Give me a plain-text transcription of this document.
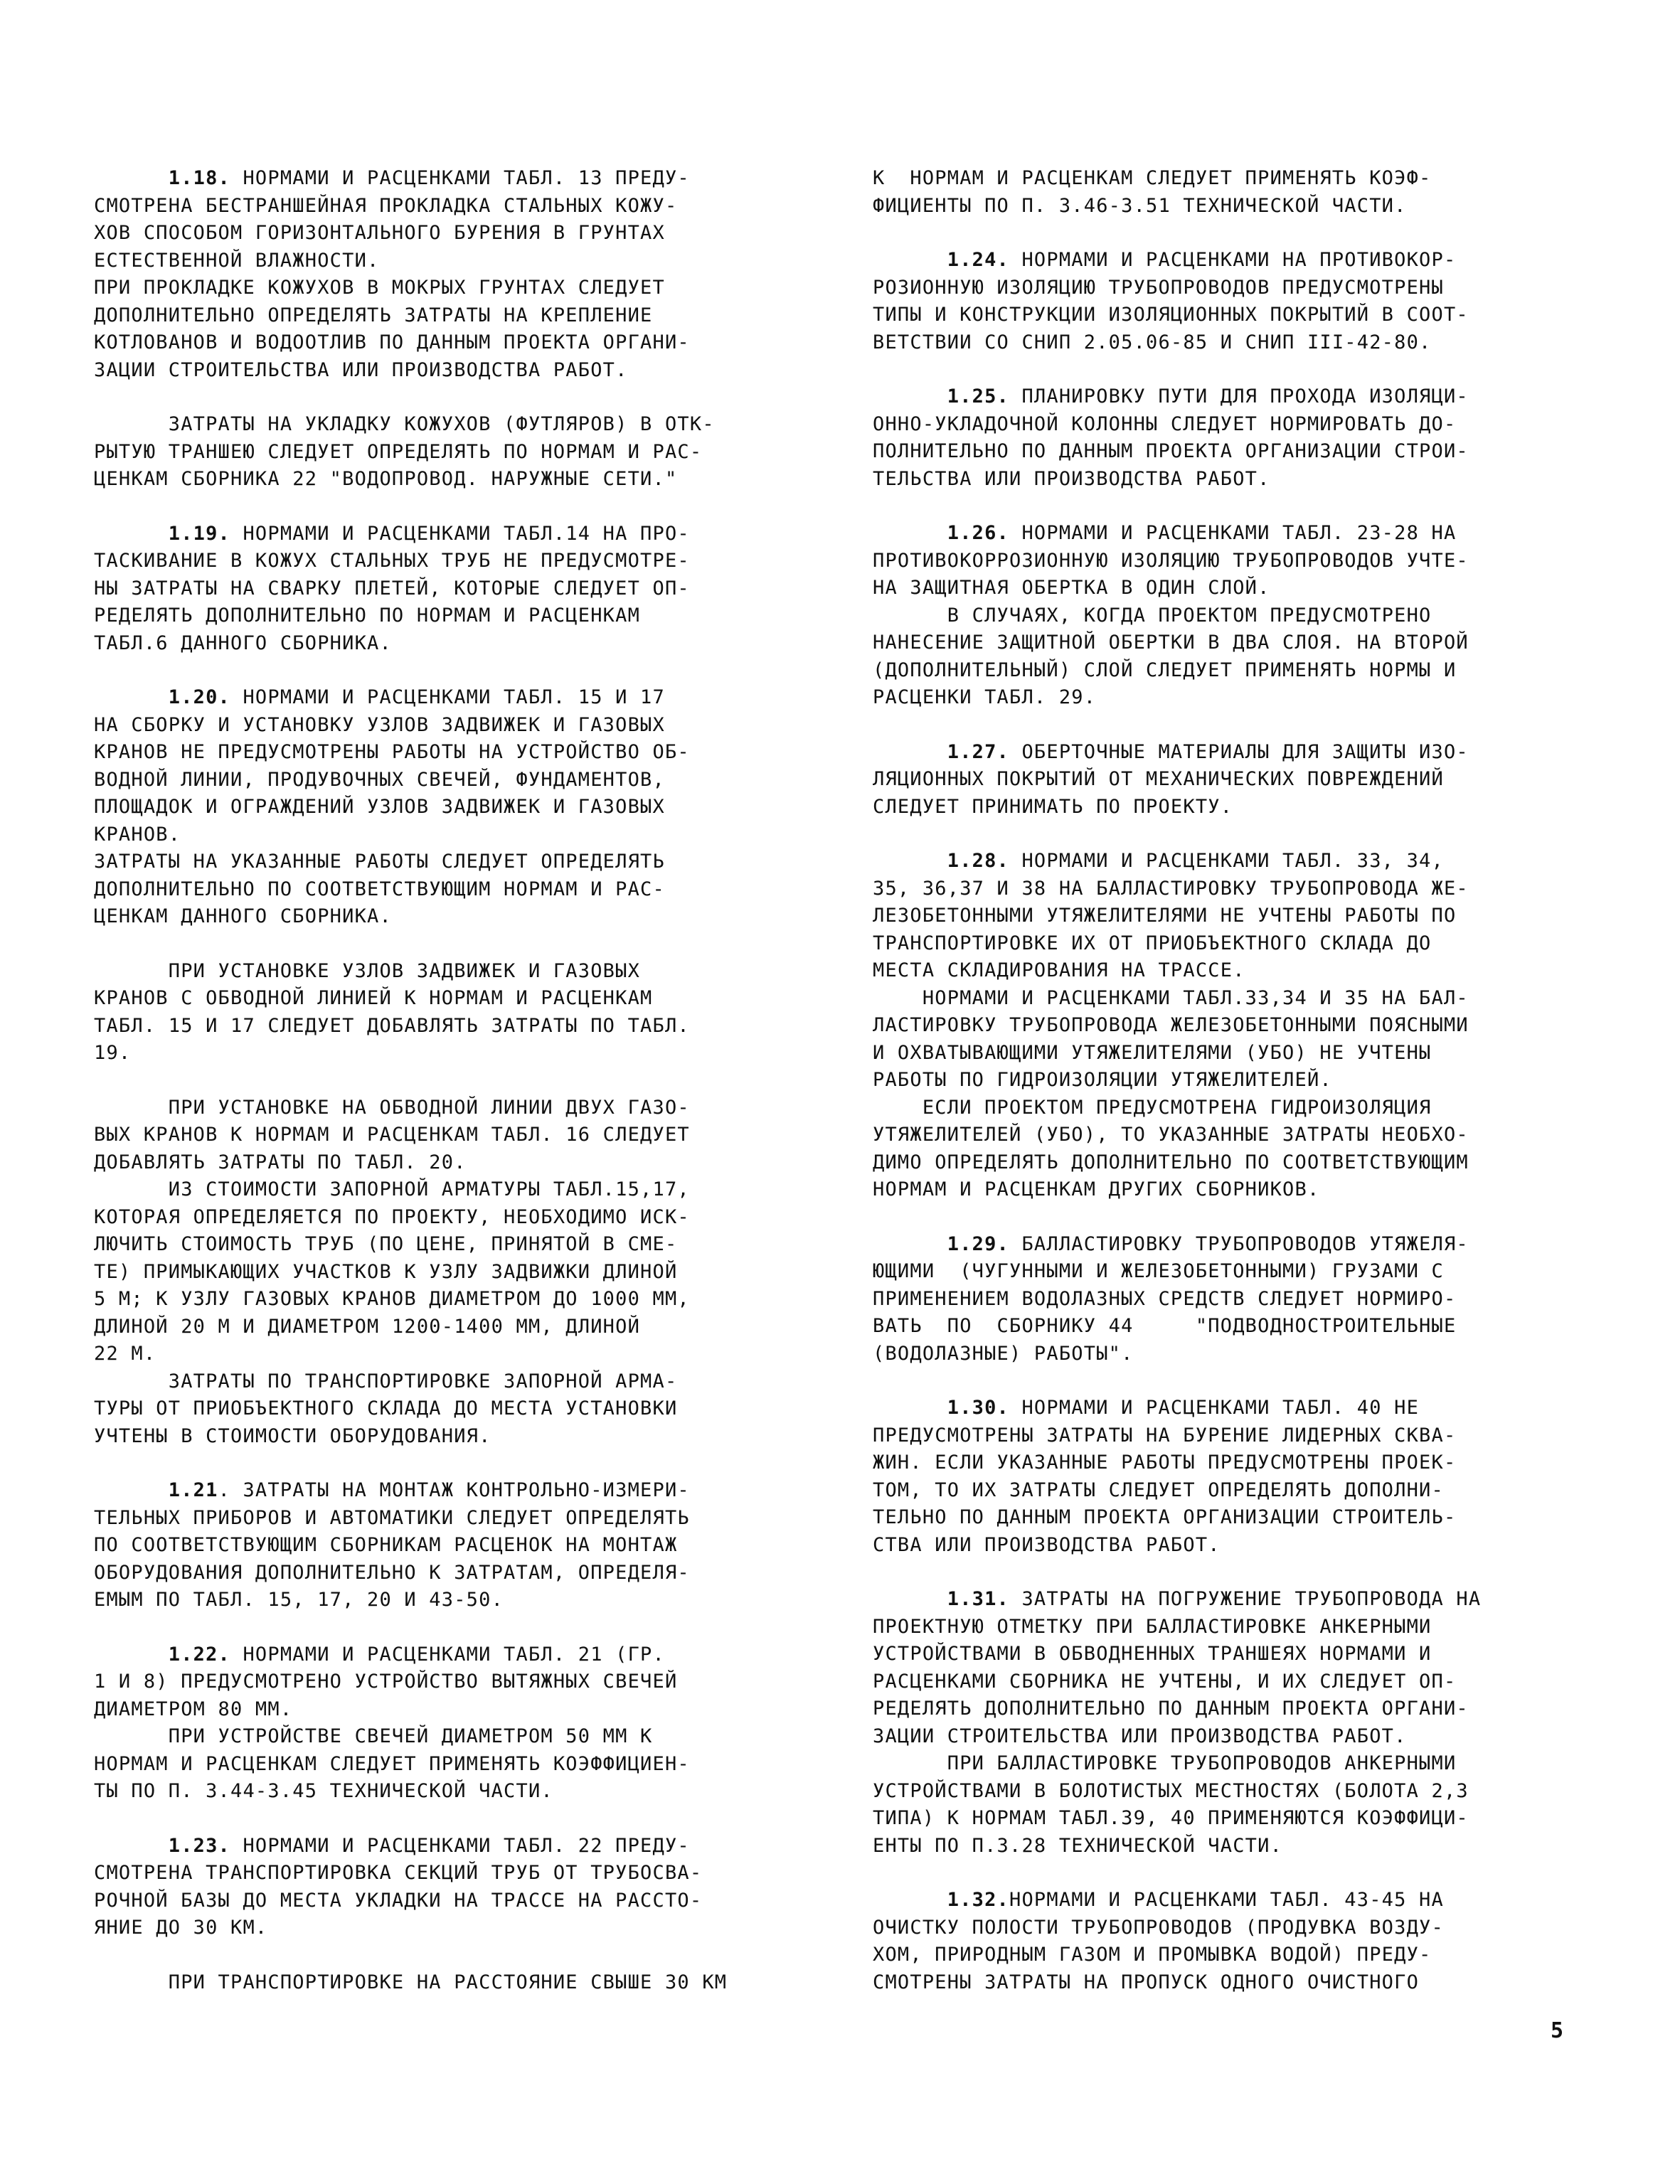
1.18. НОРМАМИ И РАСЦЕНКАМИ ТАБЛ. 13 ПРЕДУ-
СМОТРЕНА БЕСТРАНШЕЙНАЯ ПРОКЛАДКА СТАЛЬНЫХ КОЖУ-
ХОВ СПОСОБОМ ГОРИЗОНТАЛЬНОГО БУРЕНИЯ В ГРУНТАХ
ЕСТЕСТВЕННОЙ ВЛАЖНОСТИ.
ПРИ ПРОКЛАДКЕ КОЖУХОВ В МОКРЫХ ГРУНТАХ СЛЕДУЕТ
ДОПОЛНИТЕЛЬНО ОПРЕДЕЛЯТЬ ЗАТРАТЫ НА КРЕПЛЕНИЕ
КОТЛОВАНОВ И ВОДООТЛИВ ПО ДАННЫМ ПРОЕКТА ОРГАНИ-
ЗАЦИИ СТРОИТЕЛЬСТВА ИЛИ ПРОИЗВОДСТВА РАБОТ.

ЗАТРАТЫ НА УКЛАДКУ КОЖУХОВ (ФУТЛЯРОВ) В ОТК-
РЫТУЮ ТРАНШЕЮ СЛЕДУЕТ ОПРЕДЕЛЯТЬ ПО НОРМАМ И РАС-
ЦЕНКАМ СБОРНИКА 22 "ВОДОПРОВОД. НАРУЖНЫЕ СЕТИ."

1.19. НОРМАМИ И РАСЦЕНКАМИ ТАБЛ.14 НА ПРО-
ТАСКИВАНИЕ В КОЖУХ СТАЛЬНЫХ ТРУБ НЕ ПРЕДУСМОТРЕ-
НЫ ЗАТРАТЫ НА СВАРКУ ПЛЕТЕЙ, КОТОРЫЕ СЛЕДУЕТ ОП-
РЕДЕЛЯТЬ ДОПОЛНИТЕЛЬНО ПО НОРМАМ И РАСЦЕНКАМ
ТАБЛ.6 ДАННОГО СБОРНИКА.

1.20. НОРМАМИ И РАСЦЕНКАМИ ТАБЛ. 15 И 17
НА СБОРКУ И УСТАНОВКУ УЗЛОВ ЗАДВИЖЕК И ГАЗОВЫХ
КРАНОВ НЕ ПРЕДУСМОТРЕНЫ РАБОТЫ НА УСТРОЙСТВО ОБ-
ВОДНОЙ ЛИНИИ, ПРОДУВОЧНЫХ СВЕЧЕЙ, ФУНДАМЕНТОВ,
ПЛОЩАДОК И ОГРАЖДЕНИЙ УЗЛОВ ЗАДВИЖЕК И ГАЗОВЫХ
КРАНОВ.
ЗАТРАТЫ НА УКАЗАННЫЕ РАБОТЫ СЛЕДУЕТ ОПРЕДЕЛЯТЬ
ДОПОЛНИТЕЛЬНО ПО СООТВЕТСТВУЮЩИМ НОРМАМ И РАС-
ЦЕНКАМ ДАННОГО СБОРНИКА.

ПРИ УСТАНОВКЕ УЗЛОВ ЗАДВИЖЕК И ГАЗОВЫХ
КРАНОВ С ОБВОДНОЙ ЛИНИЕЙ К НОРМАМ И РАСЦЕНКАМ
ТАБЛ. 15 И 17 СЛЕДУЕТ ДОБАВЛЯТЬ ЗАТРАТЫ ПО ТАБЛ.
19.

ПРИ УСТАНОВКЕ НА ОБВОДНОЙ ЛИНИИ ДВУХ ГАЗО-
ВЫХ КРАНОВ К НОРМАМ И РАСЦЕНКАМ ТАБЛ. 16 СЛЕДУЕТ
ДОБАВЛЯТЬ ЗАТРАТЫ ПО ТАБЛ. 20.
ИЗ СТОИМОСТИ ЗАПОРНОЙ АРМАТУРЫ ТАБЛ.15,17,
КОТОРАЯ ОПРЕДЕЛЯЕТСЯ ПО ПРОЕКТУ, НЕОБХОДИМО ИСК-
ЛЮЧИТЬ СТОИМОСТЬ ТРУБ (ПО ЦЕНЕ, ПРИНЯТОЙ В СМЕ-
ТЕ) ПРИМЫКАЮЩИХ УЧАСТКОВ К УЗЛУ ЗАДВИЖКИ ДЛИНОЙ
5 М; К УЗЛУ ГАЗОВЫХ КРАНОВ ДИАМЕТРОМ ДО 1000 ММ,
ДЛИНОЙ 20 М И ДИАМЕТРОМ 1200-1400 ММ, ДЛИНОЙ
22 М.
ЗАТРАТЫ ПО ТРАНСПОРТИРОВКЕ ЗАПОРНОЙ АРМА-
ТУРЫ ОТ ПРИОБЪЕКТНОГО СКЛАДА ДО МЕСТА УСТАНОВКИ
УЧТЕНЫ В СТОИМОСТИ ОБОРУДОВАНИЯ.

1.21. ЗАТРАТЫ НА МОНТАЖ КОНТРОЛЬНО-ИЗМЕРИ-
ТЕЛЬНЫХ ПРИБОРОВ И АВТОМАТИКИ СЛЕДУЕТ ОПРЕДЕЛЯТЬ
ПО СООТВЕТСТВУЮЩИМ СБОРНИКАМ РАСЦЕНОК НА МОНТАЖ
ОБОРУДОВАНИЯ ДОПОЛНИТЕЛЬНО К ЗАТРАТАМ, ОПРЕДЕЛЯ-
ЕМЫМ ПО ТАБЛ. 15, 17, 20 И 43-50.

1.22. НОРМАМИ И РАСЦЕНКАМИ ТАБЛ. 21 (ГР.
1 И 8) ПРЕДУСМОТРЕНО УСТРОЙСТВО ВЫТЯЖНЫХ СВЕЧЕЙ
ДИАМЕТРОМ 80 ММ.
ПРИ УСТРОЙСТВЕ СВЕЧЕЙ ДИАМЕТРОМ 50 ММ К
НОРМАМ И РАСЦЕНКАМ СЛЕДУЕТ ПРИМЕНЯТЬ КОЭФФИЦИЕН-
ТЫ ПО П. 3.44-3.45 ТЕХНИЧЕСКОЙ ЧАСТИ.

1.23. НОРМАМИ И РАСЦЕНКАМИ ТАБЛ. 22 ПРЕДУ-
СМОТРЕНА ТРАНСПОРТИРОВКА СЕКЦИЙ ТРУБ ОТ ТРУБОСВА-
РОЧНОЙ БАЗЫ ДО МЕСТА УКЛАДКИ НА ТРАССЕ НА РАССТО-
ЯНИЕ ДО 30 КМ.

ПРИ ТРАНСПОРТИРОВКЕ НА РАССТОЯНИЕ СВЫШЕ 30 КМ

К  НОРМАМ И РАСЦЕНКАМ СЛЕДУЕТ ПРИМЕНЯТЬ КОЭФ-
ФИЦИЕНТЫ ПО П. 3.46-3.51 ТЕХНИЧЕСКОЙ ЧАСТИ.

1.24. НОРМАМИ И РАСЦЕНКАМИ НА ПРОТИВОКОР-
РОЗИОННУЮ ИЗОЛЯЦИЮ ТРУБОПРОВОДОВ ПРЕДУСМОТРЕНЫ
ТИПЫ И КОНСТРУКЦИИ ИЗОЛЯЦИОННЫХ ПОКРЫТИЙ В СООТ-
ВЕТСТВИИ СО СНИП 2.05.06-85 И СНИП III-42-80.

1.25. ПЛАНИРОВКУ ПУТИ ДЛЯ ПРОХОДА ИЗОЛЯЦИ-
ОННО-УКЛАДОЧНОЙ КОЛОННЫ СЛЕДУЕТ НОРМИРОВАТЬ ДО-
ПОЛНИТЕЛЬНО ПО ДАННЫМ ПРОЕКТА ОРГАНИЗАЦИИ СТРОИ-
ТЕЛЬСТВА ИЛИ ПРОИЗВОДСТВА РАБОТ.

1.26. НОРМАМИ И РАСЦЕНКАМИ ТАБЛ. 23-28 НА
ПРОТИВОКОРРОЗИОННУЮ ИЗОЛЯЦИЮ ТРУБОПРОВОДОВ УЧТЕ-
НА ЗАЩИТНАЯ ОБЕРТКА В ОДИН СЛОЙ.
В СЛУЧАЯХ, КОГДА ПРОЕКТОМ ПРЕДУСМОТРЕНО
НАНЕСЕНИЕ ЗАЩИТНОЙ ОБЕРТКИ В ДВА СЛОЯ. НА ВТОРОЙ
(ДОПОЛНИТЕЛЬНЫЙ) СЛОЙ СЛЕДУЕТ ПРИМЕНЯТЬ НОРМЫ И
РАСЦЕНКИ ТАБЛ. 29.

1.27. ОБЕРТОЧНЫЕ МАТЕРИАЛЫ ДЛЯ ЗАЩИТЫ ИЗО-
ЛЯЦИОННЫХ ПОКРЫТИЙ ОТ МЕХАНИЧЕСКИХ ПОВРЕЖДЕНИЙ
СЛЕДУЕТ ПРИНИМАТЬ ПО ПРОЕКТУ.

1.28. НОРМАМИ И РАСЦЕНКАМИ ТАБЛ. 33, 34,
35, 36,37 И 38 НА БАЛЛАСТИРОВКУ ТРУБОПРОВОДА ЖЕ-
ЛЕЗОБЕТОННЫМИ УТЯЖЕЛИТЕЛЯМИ НЕ УЧТЕНЫ РАБОТЫ ПО
ТРАНСПОРТИРОВКЕ ИХ ОТ ПРИОБЪЕКТНОГО СКЛАДА ДО
МЕСТА СКЛАДИРОВАНИЯ НА ТРАССЕ.
НОРМАМИ И РАСЦЕНКАМИ ТАБЛ.33,34 И 35 НА БАЛ-
ЛАСТИРОВКУ ТРУБОПРОВОДА ЖЕЛЕЗОБЕТОННЫМИ ПОЯСНЫМИ
И ОХВАТЫВАЮЩИМИ УТЯЖЕЛИТЕЛЯМИ (УБО) НЕ УЧТЕНЫ
РАБОТЫ ПО ГИДРОИЗОЛЯЦИИ УТЯЖЕЛИТЕЛЕЙ.
ЕСЛИ ПРОЕКТОМ ПРЕДУСМОТРЕНА ГИДРОИЗОЛЯЦИЯ
УТЯЖЕЛИТЕЛЕЙ (УБО), ТО УКАЗАННЫЕ ЗАТРАТЫ НЕОБХО-
ДИМО ОПРЕДЕЛЯТЬ ДОПОЛНИТЕЛЬНО ПО СООТВЕТСТВУЮЩИМ
НОРМАМ И РАСЦЕНКАМ ДРУГИХ СБОРНИКОВ.

1.29. БАЛЛАСТИРОВКУ ТРУБОПРОВОДОВ УТЯЖЕЛЯ-
ЮЩИМИ  (ЧУГУННЫМИ И ЖЕЛЕЗОБЕТОННЫМИ) ГРУЗАМИ С
ПРИМЕНЕНИЕМ ВОДОЛАЗНЫХ СРЕДСТВ СЛЕДУЕТ НОРМИРО-
ВАТЬ  ПО  СБОРНИКУ 44     "ПОДВОДНОСТРОИТЕЛЬНЫЕ
(ВОДОЛАЗНЫЕ) РАБОТЫ".

1.30. НОРМАМИ И РАСЦЕНКАМИ ТАБЛ. 40 НЕ
ПРЕДУСМОТРЕНЫ ЗАТРАТЫ НА БУРЕНИЕ ЛИДЕРНЫХ СКВА-
ЖИН. ЕСЛИ УКАЗАННЫЕ РАБОТЫ ПРЕДУСМОТРЕНЫ ПРОЕК-
ТОМ, ТО ИХ ЗАТРАТЫ СЛЕДУЕТ ОПРЕДЕЛЯТЬ ДОПОЛНИ-
ТЕЛЬНО ПО ДАННЫМ ПРОЕКТА ОРГАНИЗАЦИИ СТРОИТЕЛЬ-
СТВА ИЛИ ПРОИЗВОДСТВА РАБОТ.

1.31. ЗАТРАТЫ НА ПОГРУЖЕНИЕ ТРУБОПРОВОДА НА
ПРОЕКТНУЮ ОТМЕТКУ ПРИ БАЛЛАСТИРОВКЕ АНКЕРНЫМИ
УСТРОЙСТВАМИ В ОБВОДНЕННЫХ ТРАНШЕЯХ НОРМАМИ И
РАСЦЕНКАМИ СБОРНИКА НЕ УЧТЕНЫ, И ИХ СЛЕДУЕТ ОП-
РЕДЕЛЯТЬ ДОПОЛНИТЕЛЬНО ПО ДАННЫМ ПРОЕКТА ОРГАНИ-
ЗАЦИИ СТРОИТЕЛЬСТВА ИЛИ ПРОИЗВОДСТВА РАБОТ.
ПРИ БАЛЛАСТИРОВКЕ ТРУБОПРОВОДОВ АНКЕРНЫМИ
УСТРОЙСТВАМИ В БОЛОТИСТЫХ МЕСТНОСТЯХ (БОЛОТА 2,3
ТИПА) К НОРМАМ ТАБЛ.39, 40 ПРИМЕНЯЮТСЯ КОЭФФИЦИ-
ЕНТЫ ПО П.3.28 ТЕХНИЧЕСКОЙ ЧАСТИ.

1.32.НОРМАМИ И РАСЦЕНКАМИ ТАБЛ. 43-45 НА
ОЧИСТКУ ПОЛОСТИ ТРУБОПРОВОДОВ (ПРОДУВКА ВОЗДУ-
ХОМ, ПРИРОДНЫМ ГАЗОМ И ПРОМЫВКА ВОДОЙ) ПРЕДУ-
СМОТРЕНЫ ЗАТРАТЫ НА ПРОПУСК ОДНОГО ОЧИСТНОГО

5
